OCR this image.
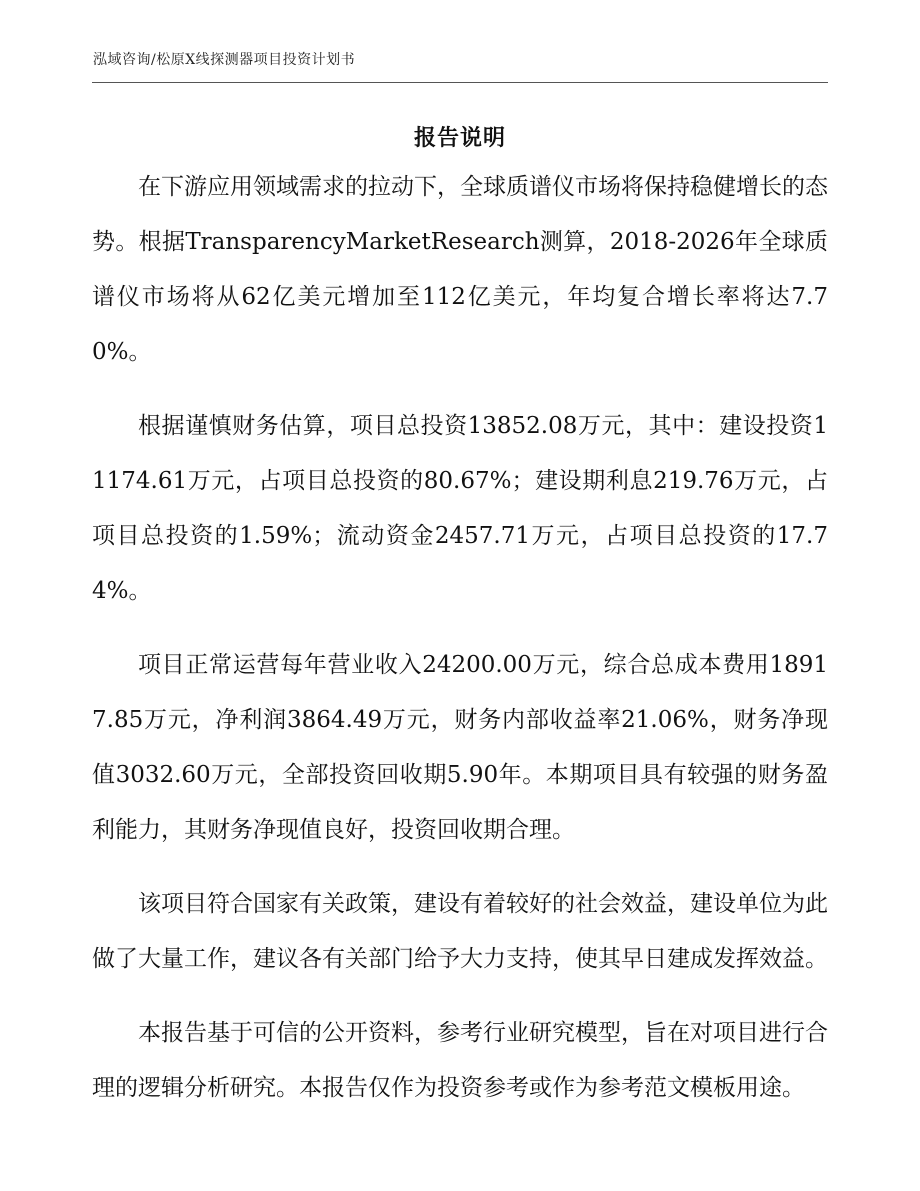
泓域咨询/松原X线探测器项目投资计划书
报告说明

在下游应用领域需求的拉动下，全球质谱仪市场将保持稳健增长的态势。根据TransparencyMarketResearch测算，2018-2026年全球质谱仪市场将从62亿美元增加至112亿美元，年均复合增长率将达7.70%。

根据谨慎财务估算，项目总投资13852.08万元，其中：建设投资11174.61万元，占项目总投资的80.67%；建设期利息219.76万元，占项目总投资的1.59%；流动资金2457.71万元，占项目总投资的17.74%。

项目正常运营每年营业收入24200.00万元，综合总成本费用18917.85万元，净利润3864.49万元，财务内部收益率21.06%，财务净现值3032.60万元，全部投资回收期5.90年。本期项目具有较强的财务盈利能力，其财务净现值良好，投资回收期合理。

该项目符合国家有关政策，建设有着较好的社会效益，建设单位为此做了大量工作，建议各有关部门给予大力支持，使其早日建成发挥效益。

本报告基于可信的公开资料，参考行业研究模型，旨在对项目进行合理的逻辑分析研究。本报告仅作为投资参考或作为参考范文模板用途。
